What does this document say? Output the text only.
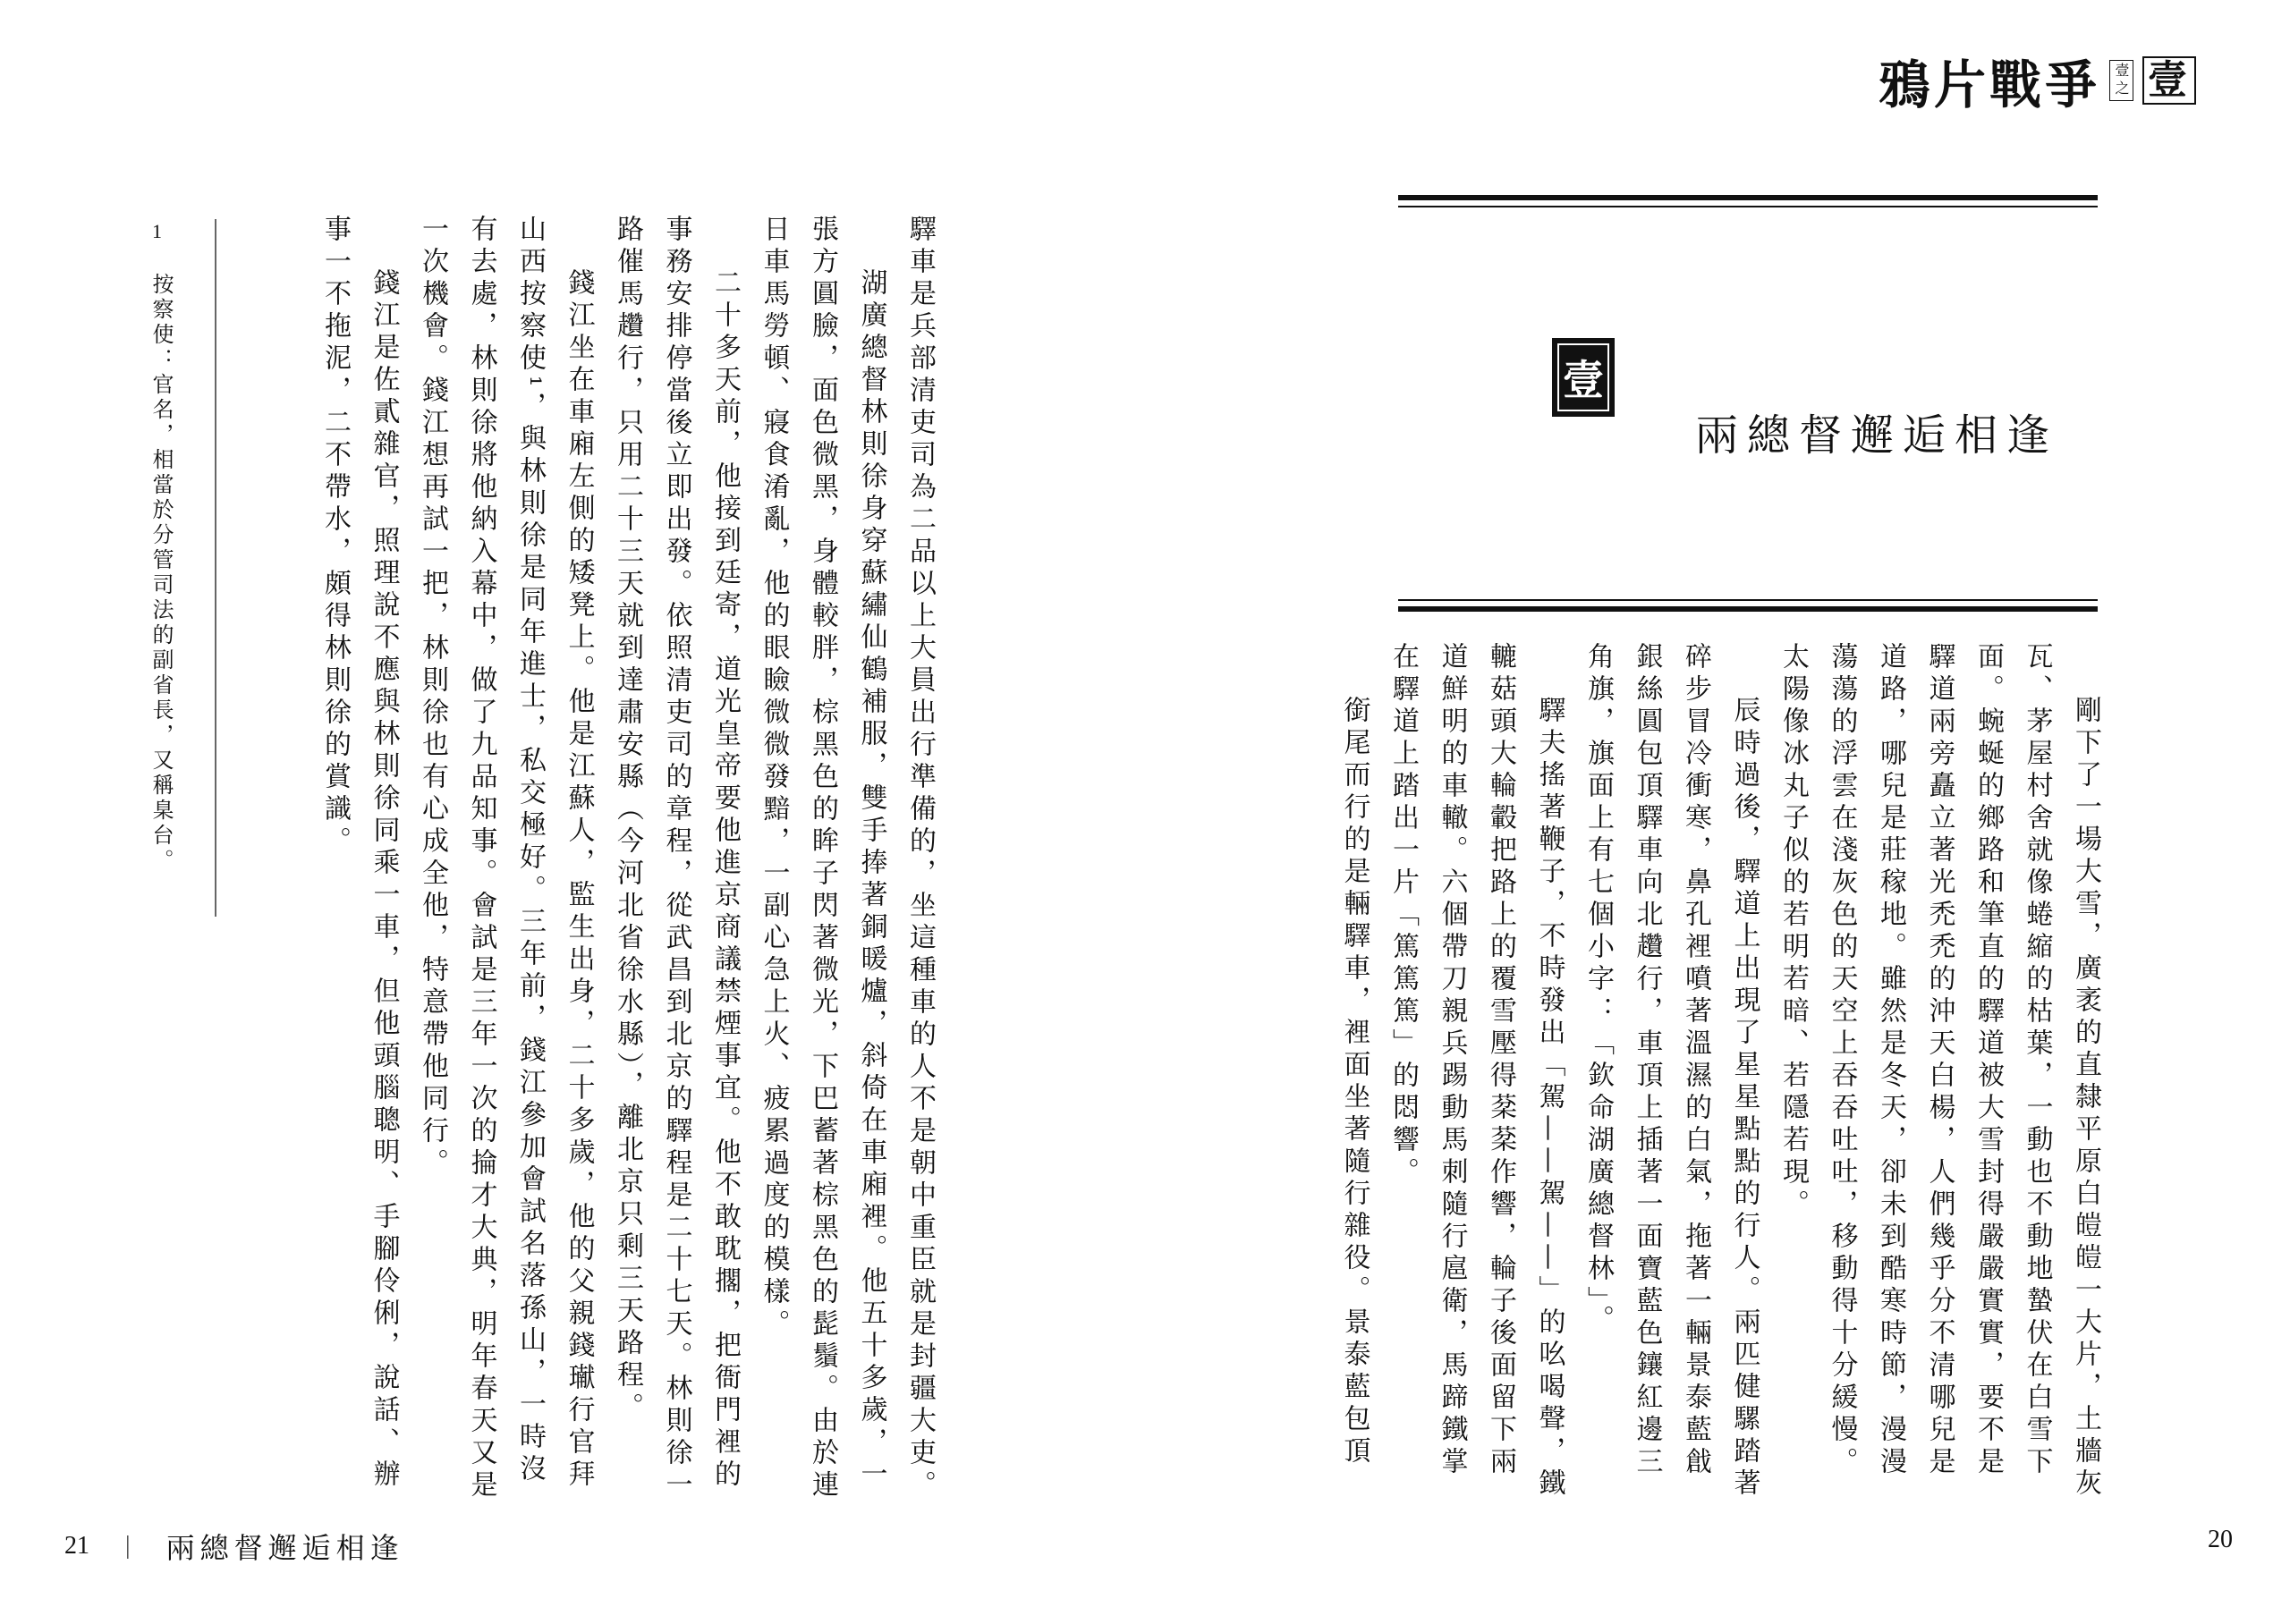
驛車是兵部清吏司為二品以上大員出行準備的，坐這種車的人不是朝中重臣就是封疆大吏。

湖廣總督林則徐身穿蘇繡仙鶴補服，雙手捧著銅暖爐，斜倚在車廂裡。他五十多歲，一張方圓臉，面色微黑，身體較胖，棕黑色的眸子閃著微光，下巴蓄著棕黑色的髭鬚。由於連日車馬勞頓、寢食淆亂，他的眼瞼微微發黯，一副心急上火、疲累過度的模樣。

二十多天前，他接到廷寄，道光皇帝要他進京商議禁煙事宜。他不敢耽擱，把衙門裡的事務安排停當後立即出發。依照清吏司的章程，從武昌到北京的驛程是二十七天。林則徐一路催馬趲行，只用二十三天就到達肅安縣（今河北省徐水縣），離北京只剩三天路程。

錢江坐在車廂左側的矮凳上。他是江蘇人，監生出身，二十多歲，他的父親錢𤩽行官拜山西按察使¹，與林則徐是同年進士，私交極好。三年前，錢江參加會試名落孫山，一時沒有去處，林則徐將他納入幕中，做了九品知事。會試是三年一次的掄才大典，明年春天又是一次機會。錢江想再試一把，林則徐也有心成全他，特意帶他同行。

錢江是佐貳雜官，照理說不應與林則徐同乘一車，但他頭腦聰明、手腳伶俐，說話、辦事一不拖泥，二不帶水，頗得林則徐的賞識。

1
按察使：官名，相當於分管司法的副省長，又稱臬台。
21 | 兩總督邂逅相逢
鴉片戰爭 壹之 壹
壹
兩總督邂逅相逢

剛下了一場大雪，廣袤的直隸平原白皚皚一大片，土牆灰瓦、茅屋村舍就像蜷縮的枯葉，一動也不動地蟄伏在白雪下面。蜿蜒的鄉路和筆直的驛道被大雪封得嚴嚴實實，要不是驛道兩旁矗立著光禿禿的沖天白楊，人們幾乎分不清哪兒是道路，哪兒是莊稼地。雖然是冬天，卻未到酷寒時節，漫漫蕩蕩的浮雲在淺灰色的天空上吞吞吐吐，移動得十分緩慢。太陽像冰丸子似的若明若暗、若隱若現。

辰時過後，驛道上出現了星星點點的行人。兩匹健騾踏著碎步冒冷衝寒，鼻孔裡噴著溫濕的白氣，拖著一輛景泰藍戧銀絲圓包頂驛車向北趲行，車頂上插著一面寶藍色鑲紅邊三角旗，旗面上有七個小字：「欽命湖廣總督林」。

驛夫搖著鞭子，不時發出「駕——駕——」的吆喝聲，鐵轆菇頭大輪轂把路上的覆雪壓得棻棻作響，輪子後面留下兩道鮮明的車轍。六個帶刀親兵踢動馬刺隨行扈衛，馬蹄鐵掌在驛道上踏出一片「篤篤篤」的悶響。

銜尾而行的是輛驛車，裡面坐著隨行雜役。景泰藍包頂

20
